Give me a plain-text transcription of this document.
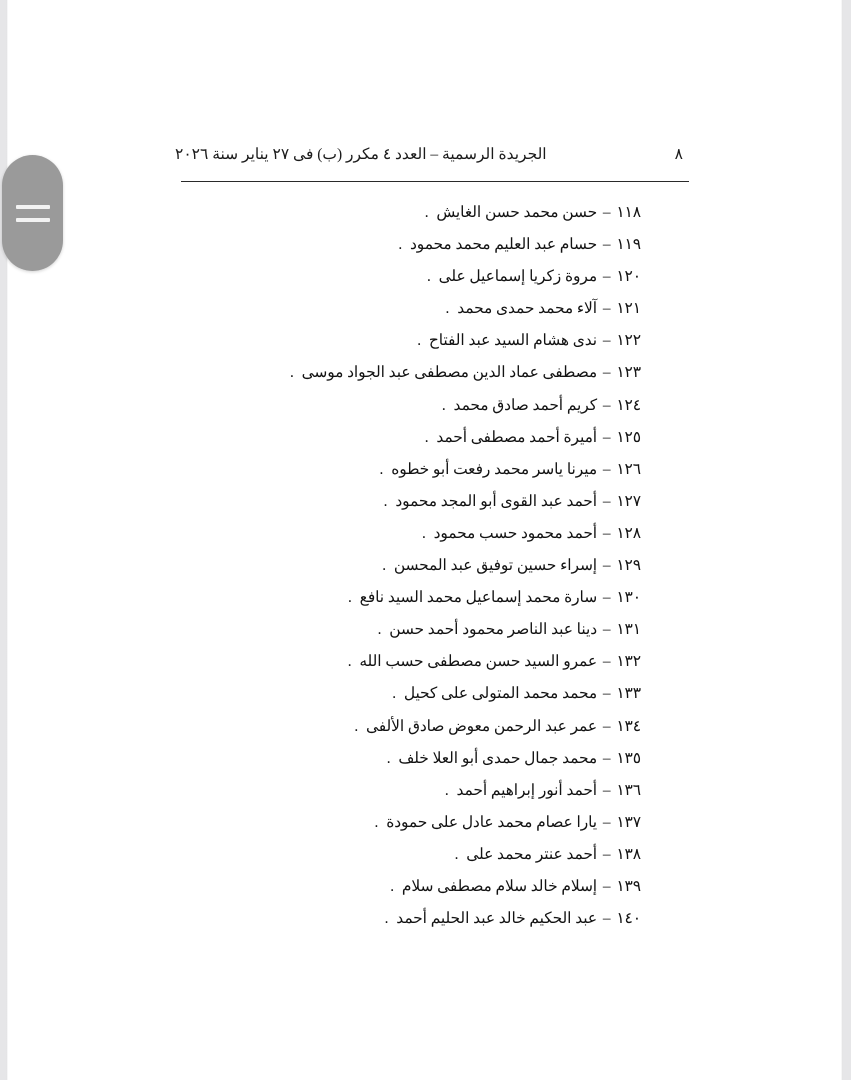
الجريدة الرسمية – العدد ٤ مكرر (ب) فى ٢٧ يناير سنة ٢٠٢٦	٨
١١٨ – حسن محمد حسن الغايش .
١١٩ – حسام عبد العليم محمد محمود .
١٢٠ – مروة زكريا إسماعيل على .
١٢١ – آلاء محمد حمدى محمد .
١٢٢ – ندى هشام السيد عبد الفتاح .
١٢٣ – مصطفى عماد الدين مصطفى عبد الجواد موسى .
١٢٤ – كريم أحمد صادق محمد .
١٢٥ – أميرة أحمد مصطفى أحمد .
١٢٦ – ميرنا ياسر محمد رفعت أبو خطوه .
١٢٧ – أحمد عبد القوى أبو المجد محمود .
١٢٨ – أحمد محمود حسب محمود .
١٢٩ – إسراء حسين توفيق عبد المحسن .
١٣٠ – سارة محمد إسماعيل محمد السيد نافع .
١٣١ – دينا عبد الناصر محمود أحمد حسن .
١٣٢ – عمرو السيد حسن مصطفى حسب الله .
١٣٣ – محمد محمد المتولى على كحيل .
١٣٤ – عمر عبد الرحمن معوض صادق الألفى .
١٣٥ – محمد جمال حمدى أبو العلا خلف .
١٣٦ – أحمد أنور إبراهيم أحمد .
١٣٧ – يارا عصام محمد عادل على حمودة .
١٣٨ – أحمد عنتر محمد على .
١٣٩ – إسلام خالد سلام مصطفى سلام .
١٤٠ – عبد الحكيم خالد عبد الحليم أحمد .
